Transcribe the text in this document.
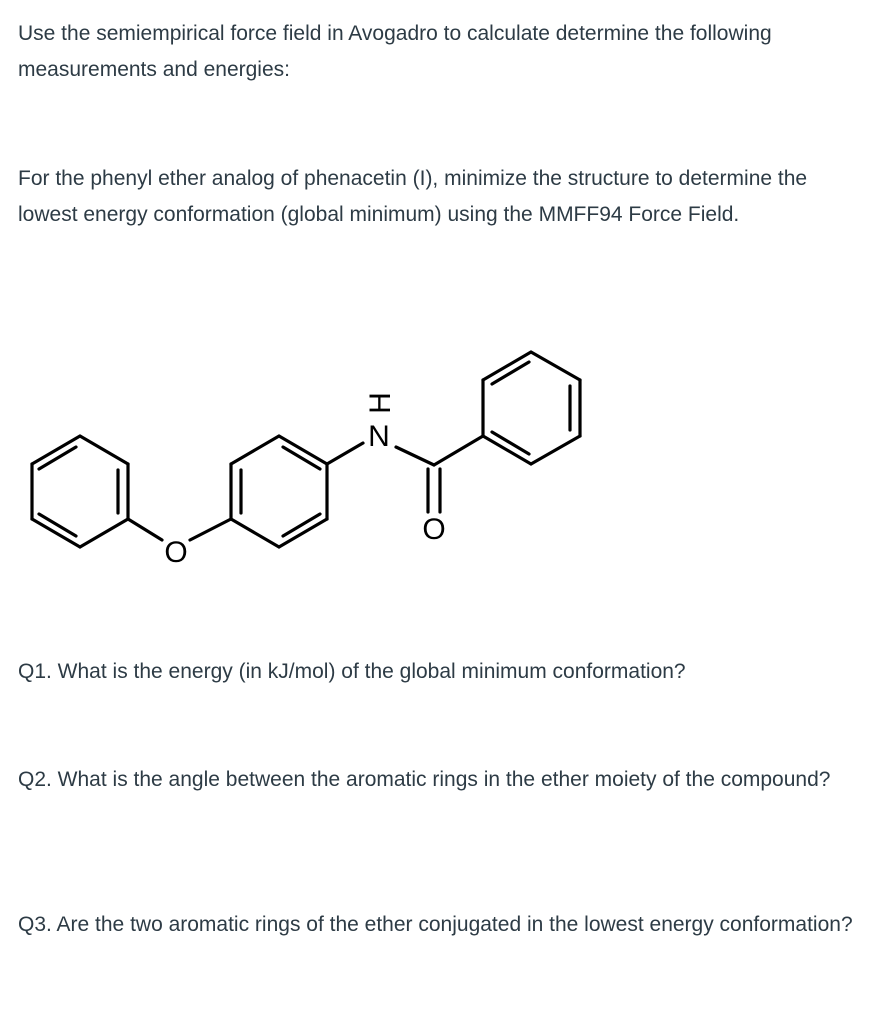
Use the semiempirical force field in Avogadro to calculate determine the following measurements and energies:

For the phenyl ether analog of phenacetin (I), minimize the structure to determine the lowest energy conformation (global minimum) using the MMFF94 Force Field.

O
N
H
O

Q1. What is the energy (in kJ/mol) of the global minimum conformation?

Q2. What is the angle between the aromatic rings in the ether moiety of the compound?

Q3. Are the two aromatic rings of the ether conjugated in the lowest energy conformation?
